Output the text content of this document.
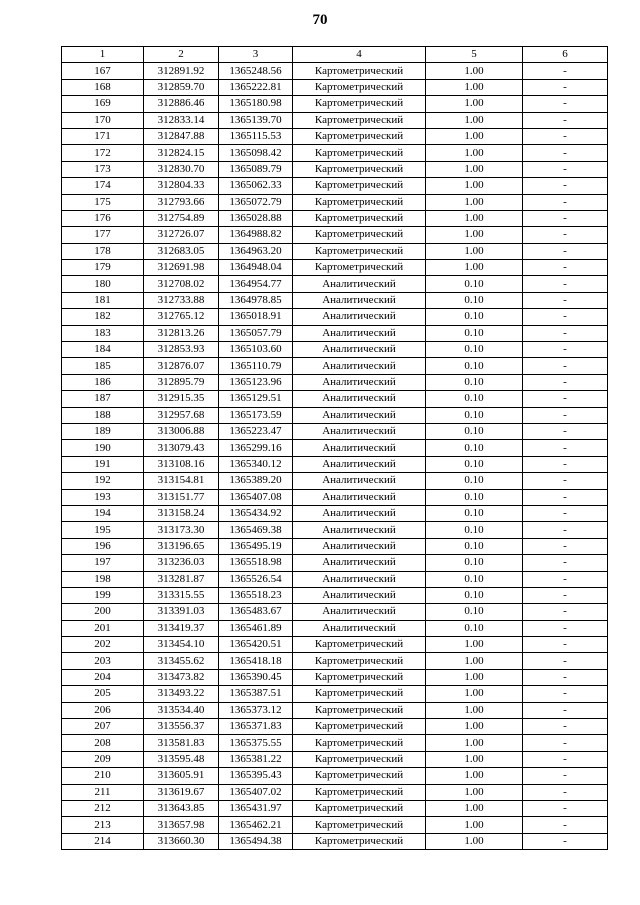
70
1	2	3	4	5	6
167	312891.92	1365248.56	Картометрический	1.00	-
168	312859.70	1365222.81	Картометрический	1.00	-
169	312886.46	1365180.98	Картометрический	1.00	-
170	312833.14	1365139.70	Картометрический	1.00	-
171	312847.88	1365115.53	Картометрический	1.00	-
172	312824.15	1365098.42	Картометрический	1.00	-
173	312830.70	1365089.79	Картометрический	1.00	-
174	312804.33	1365062.33	Картометрический	1.00	-
175	312793.66	1365072.79	Картометрический	1.00	-
176	312754.89	1365028.88	Картометрический	1.00	-
177	312726.07	1364988.82	Картометрический	1.00	-
178	312683.05	1364963.20	Картометрический	1.00	-
179	312691.98	1364948.04	Картометрический	1.00	-
180	312708.02	1364954.77	Аналитический	0.10	-
181	312733.88	1364978.85	Аналитический	0.10	-
182	312765.12	1365018.91	Аналитический	0.10	-
183	312813.26	1365057.79	Аналитический	0.10	-
184	312853.93	1365103.60	Аналитический	0.10	-
185	312876.07	1365110.79	Аналитический	0.10	-
186	312895.79	1365123.96	Аналитический	0.10	-
187	312915.35	1365129.51	Аналитический	0.10	-
188	312957.68	1365173.59	Аналитический	0.10	-
189	313006.88	1365223.47	Аналитический	0.10	-
190	313079.43	1365299.16	Аналитический	0.10	-
191	313108.16	1365340.12	Аналитический	0.10	-
192	313154.81	1365389.20	Аналитический	0.10	-
193	313151.77	1365407.08	Аналитический	0.10	-
194	313158.24	1365434.92	Аналитический	0.10	-
195	313173.30	1365469.38	Аналитический	0.10	-
196	313196.65	1365495.19	Аналитический	0.10	-
197	313236.03	1365518.98	Аналитический	0.10	-
198	313281.87	1365526.54	Аналитический	0.10	-
199	313315.55	1365518.23	Аналитический	0.10	-
200	313391.03	1365483.67	Аналитический	0.10	-
201	313419.37	1365461.89	Аналитический	0.10	-
202	313454.10	1365420.51	Картометрический	1.00	-
203	313455.62	1365418.18	Картометрический	1.00	-
204	313473.82	1365390.45	Картометрический	1.00	-
205	313493.22	1365387.51	Картометрический	1.00	-
206	313534.40	1365373.12	Картометрический	1.00	-
207	313556.37	1365371.83	Картометрический	1.00	-
208	313581.83	1365375.55	Картометрический	1.00	-
209	313595.48	1365381.22	Картометрический	1.00	-
210	313605.91	1365395.43	Картометрический	1.00	-
211	313619.67	1365407.02	Картометрический	1.00	-
212	313643.85	1365431.97	Картометрический	1.00	-
213	313657.98	1365462.21	Картометрический	1.00	-
214	313660.30	1365494.38	Картометрический	1.00	-
